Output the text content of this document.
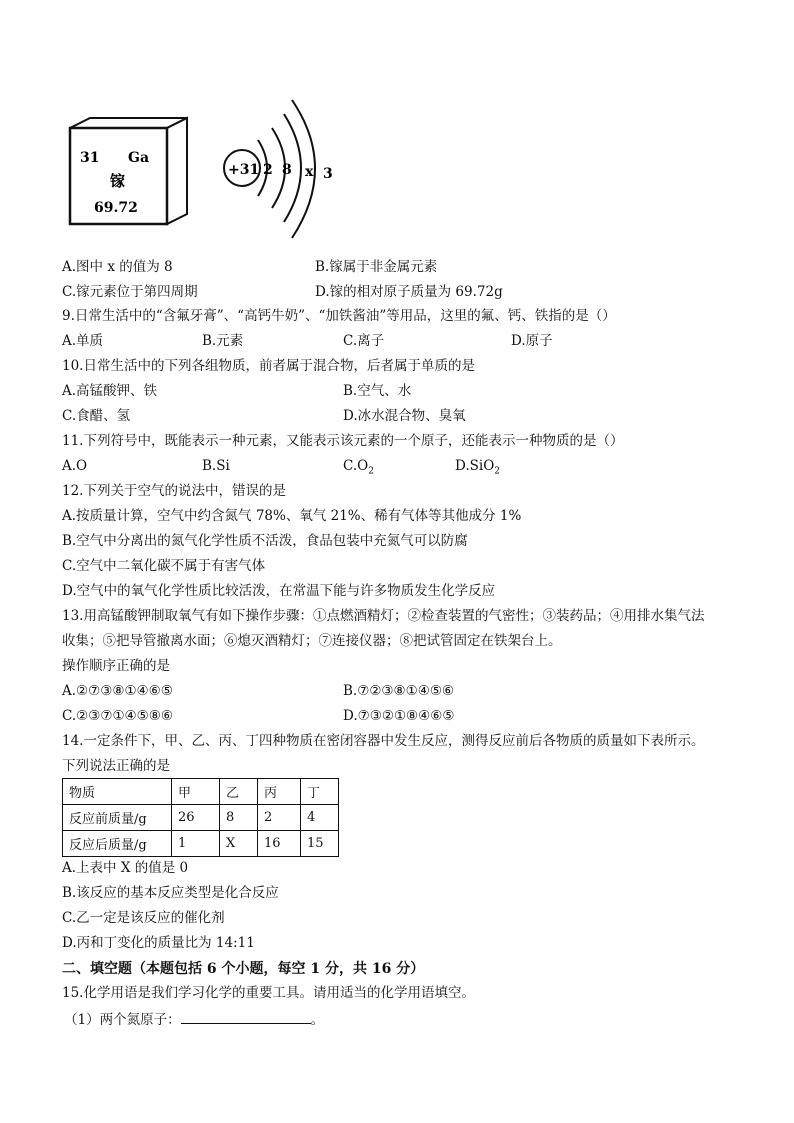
31 Ga
镓
69.72
+31 2 8 x 3
A.图中 x 的值为 8	B.镓属于非金属元素
C.镓元素位于第四周期	D.镓的相对原子质量为 69.72g
9.日常生活中的“含氟牙膏”、“高钙牛奶”、“加铁酱油”等用品，这里的氟、钙、铁指的是（）
A.单质	B.元素	C.离子	D.原子
10.日常生活中的下列各组物质，前者属于混合物，后者属于单质的是
A.高锰酸钾、铁	B.空气、水
C.食醋、氢	D.冰水混合物、臭氧
11.下列符号中，既能表示一种元素，又能表示该元素的一个原子，还能表示一种物质的是（）
A.O	B.Si	$C.O_2$	D.SiO$_2$
12.下列关于空气的说法中，错误的是
A.按质量计算，空气中约含氮气 78%、氧气 21%、稀有气体等其他成分 1%
B.空气中分离出的氮气化学性质不活泼，食品包装中充氮气可以防腐
C.空气中二氧化碳不属于有害气体
D.空气中的氧气化学性质比较活泼，在常温下能与许多物质发生化学反应
13.用高锰酸钾制取氧气有如下操作步骤：①点燃酒精灯；②检查装置的气密性；③装药品；④用排水集气法
收集；⑤把导管撤离水面；⑥熄灭酒精灯；⑦连接仪器；⑧把试管固定在铁架台上。
操作顺序正确的是
A.②⑦③⑧①④⑥⑤	B.⑦②③⑧①④⑤⑥
C.②③⑦①④⑤⑧⑥	D.⑦③②①⑧④⑥⑤
14.一定条件下，甲、乙、丙、丁四种物质在密闭容器中发生反应，测得反应前后各物质的质量如下表所示。
下列说法正确的是
物质	甲	乙	丙	丁
反应前质量/g	26	8	2	4
反应后质量/g	1	X	16	15
A.上表中 X 的值是 0
B.该反应的基本反应类型是化合反应
C.乙一定是该反应的催化剂
D.丙和丁变化的质量比为 14:11
二、填空题（本题包括 6 个小题，每空 1 分，共 16 分）
15.化学用语是我们学习化学的重要工具。请用适当的化学用语填空。
（1）两个氮原子：	。
